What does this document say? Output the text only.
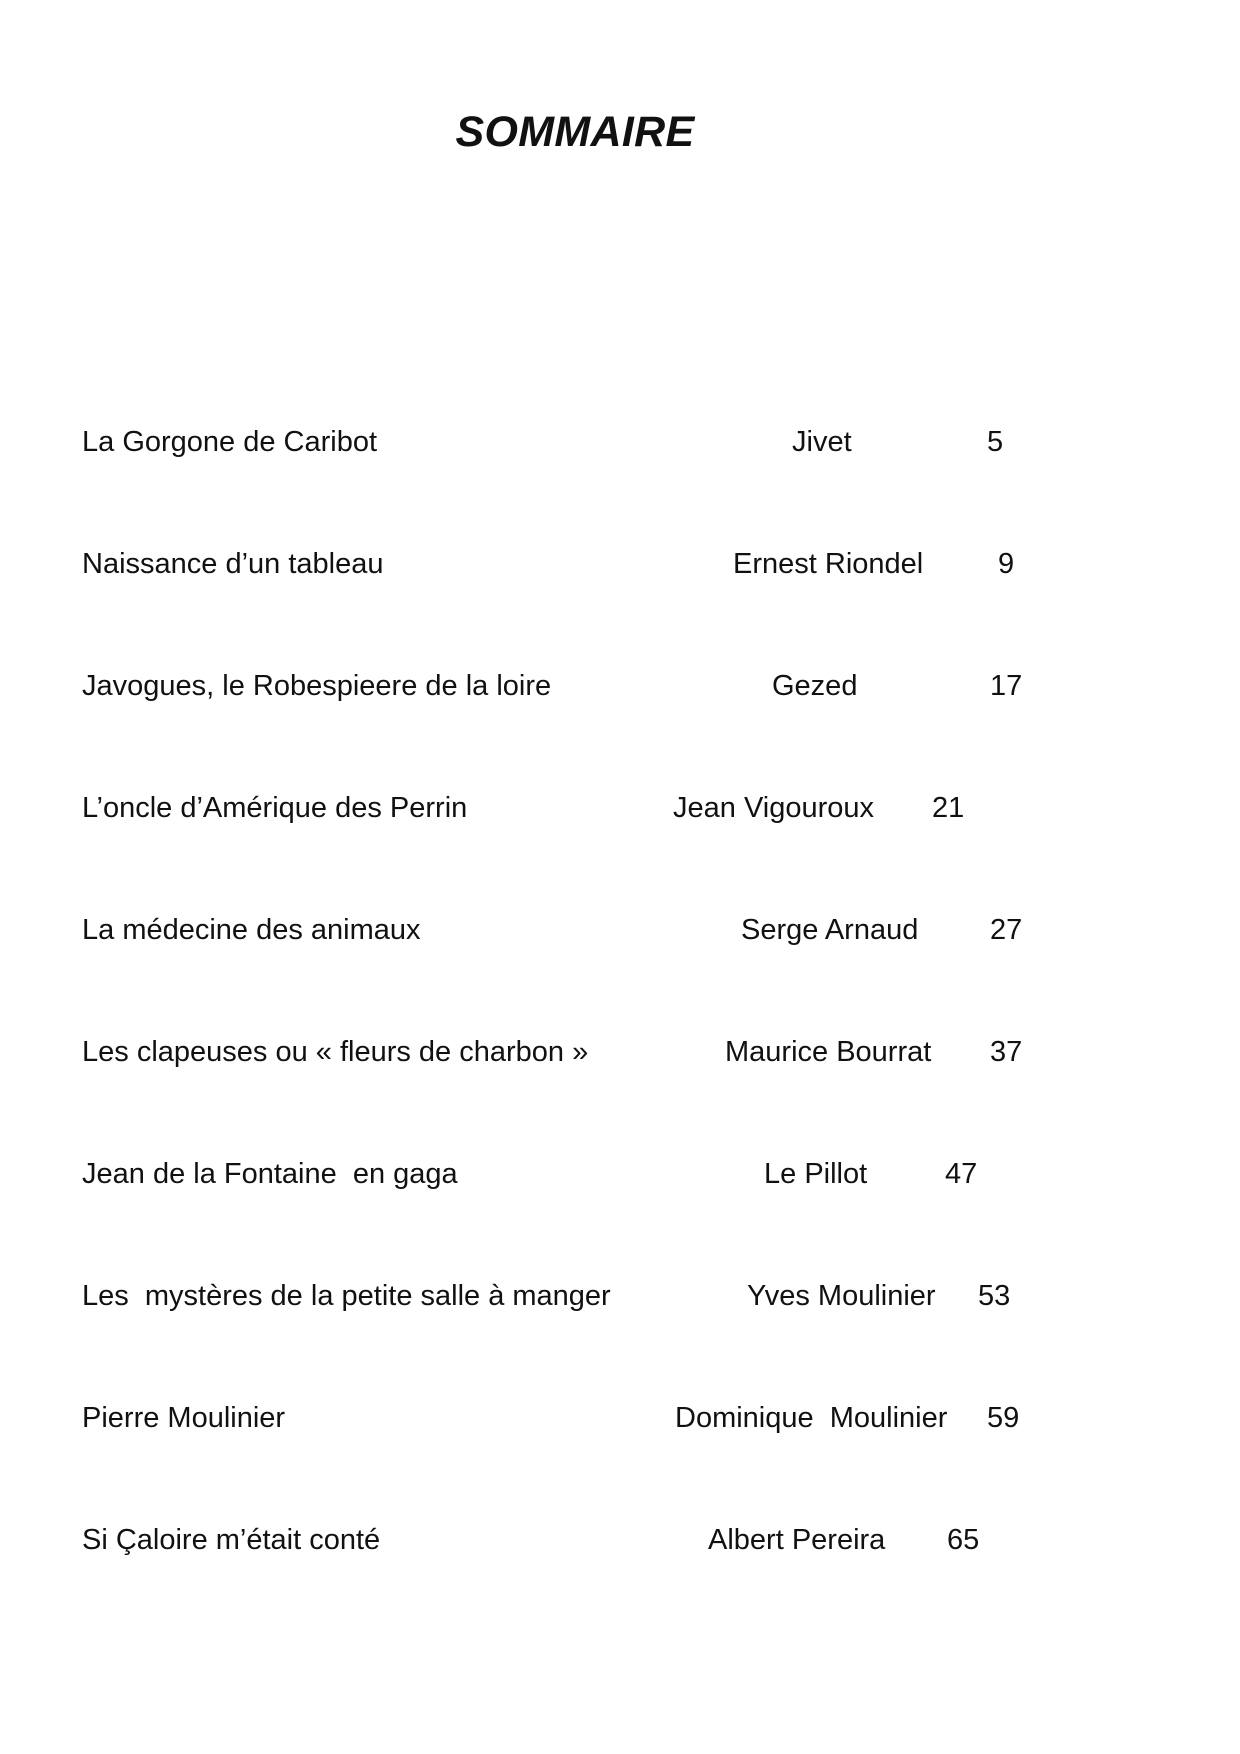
SOMMAIRE
La Gorgone de Caribot	Jivet	5
Naissance d’un tableau	Ernest Riondel	9
Javogues, le Robespieere de la loire	Gezed	17
L’oncle d’Amérique des Perrin	Jean Vigouroux 21
La médecine des animaux	Serge Arnaud 27
Les clapeuses ou « fleurs de charbon »	Maurice Bourrat 37
Jean de la Fontaine  en gaga	Le Pillot	47
Les  mystères de la petite salle à manger	Yves Moulinier 53
Pierre Moulinier	Dominique  Moulinier 59
Si Çaloire m’était conté	Albert Pereira 65
